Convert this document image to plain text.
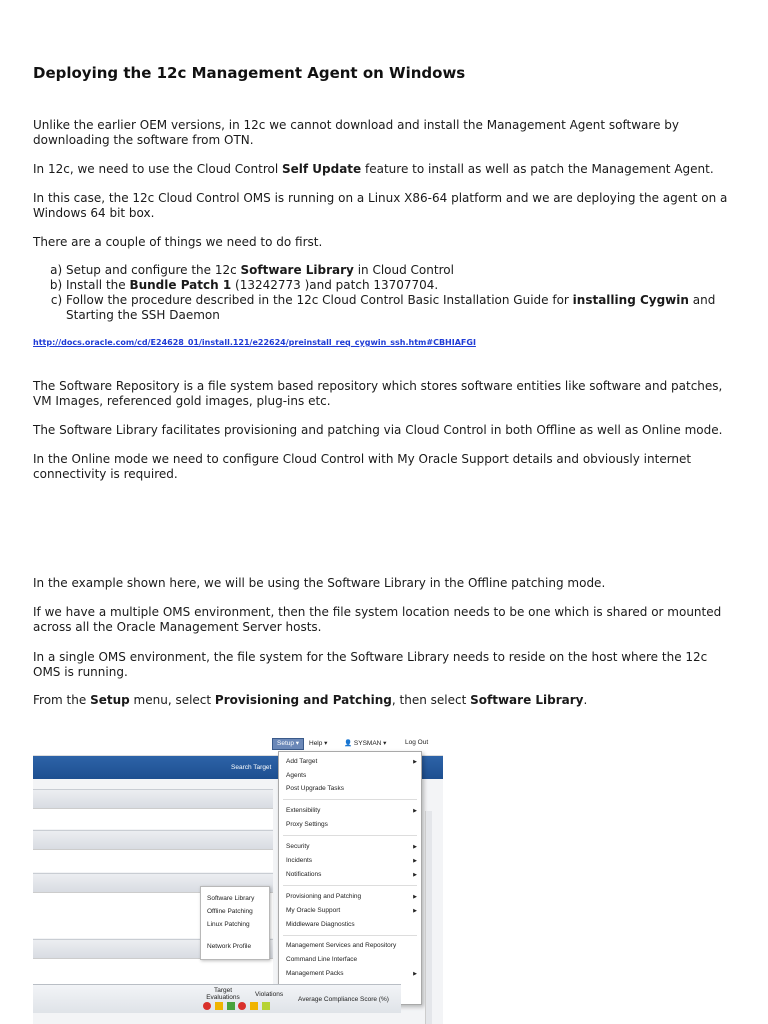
Deploying the 12c Management Agent on Windows

Unlike the earlier OEM versions, in 12c we cannot download and install the Management Agent software by downloading the software from OTN.

In 12c, we need to use the Cloud Control Self Update feature to install as well as patch the Management Agent.

In this case, the 12c Cloud Control OMS is running on a Linux X86-64 platform and we are deploying the agent on a Windows 64 bit box.

There are a couple of things we need to do first.

a. Setup and configure the 12c Software Library in Cloud Control
b. Install the Bundle Patch 1 (13242773 )and patch 13707704.
c. Follow the procedure described in the 12c Cloud Control Basic Installation Guide for installing Cygwin and Starting the SSH Daemon
http://docs.oracle.com/cd/E24628_01/install.121/e22624/preinstall_req_cygwin_ssh.htm#CBHIAFGI

The Software Repository is a file system based repository which stores software entities like software and patches, VM Images, referenced gold images, plug-ins etc.

The Software Library facilitates provisioning and patching via Cloud Control in both Offline as well as Online mode.

In the Online mode we need to configure Cloud Control with My Oracle Support details and obviously internet connectivity is required.

In the example shown here, we will be using the Software Library in the Offline patching mode.

If we have a multiple OMS environment, then the file system location needs to be one which is shared or mounted across all the Oracle Management Server hosts.

In a single OMS environment, the file system for the Software Library needs to reside on the host where the 12c OMS is running.

From the Setup menu, select Provisioning and Patching, then select Software Library.

Setup ▾	Help ▾	👤 SYSMAN ▾	Log Out
Search Target
Software Library
Offline Patching
Linux Patching
Network Profile
Add Target	▶
Agents
Post Upgrade Tasks
Extensibility	▶
Proxy Settings
Security	▶
Incidents	▶
Notifications	▶
Provisioning and Patching	▶
My Oracle Support	▶
Middleware Diagnostics
Management Services and Repository
Command Line Interface
Management Packs	▶
Target Evaluations	Violations
Average Compliance Score (%)
